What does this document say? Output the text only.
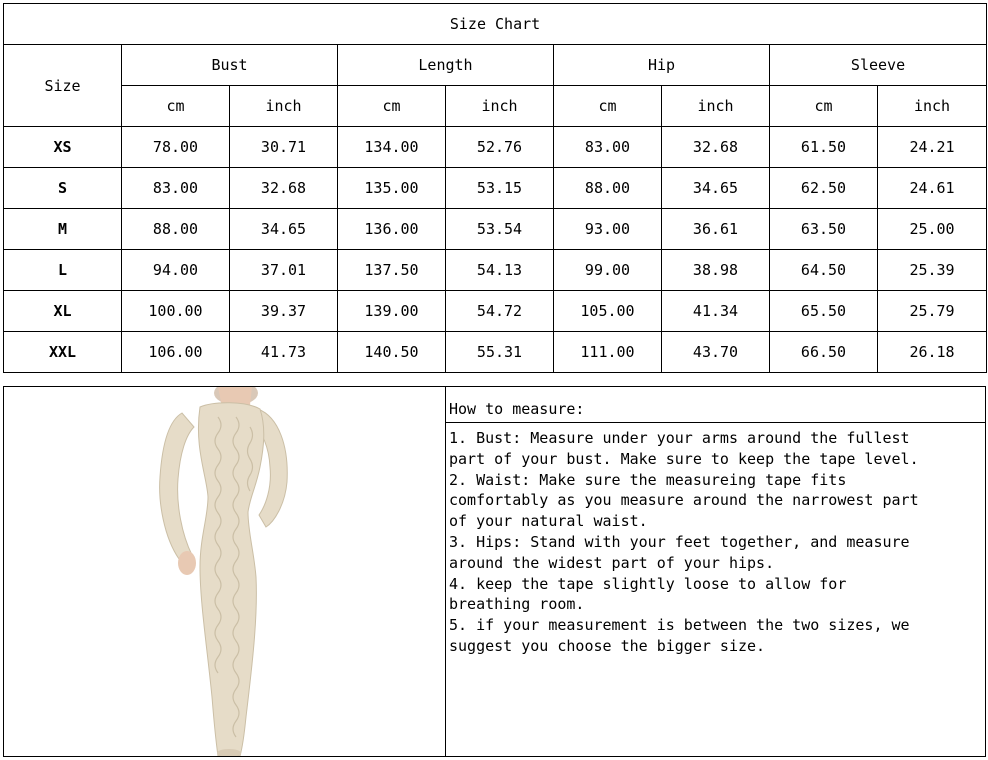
Size Chart								
Size	Bust		Length		Hip		Sleeve	
	cm	inch	cm	inch	cm	inch	cm	inch
XS	78.00	30.71	134.00	52.76	83.00	32.68	61.50	24.21
S	83.00	32.68	135.00	53.15	88.00	34.65	62.50	24.61
M	88.00	34.65	136.00	53.54	93.00	36.61	63.50	25.00
L	94.00	37.01	137.50	54.13	99.00	38.98	64.50	25.39
XL	100.00	39.37	139.00	54.72	105.00	41.34	65.50	25.79
XXL	106.00	41.73	140.50	55.31	111.00	43.70	66.50	26.18
How to measure:
1. Bust: Measure under your arms around the fullest
part of your bust. Make sure to keep the tape level.
2. Waist: Make sure the measureing tape fits
comfortably as you measure around the narrowest part
of your natural waist.
3. Hips: Stand with your feet together, and measure
around the widest part of your hips.
4. keep the tape slightly loose to allow for
breathing room.
5. if your measurement is between the two sizes, we
suggest you choose the bigger size.
